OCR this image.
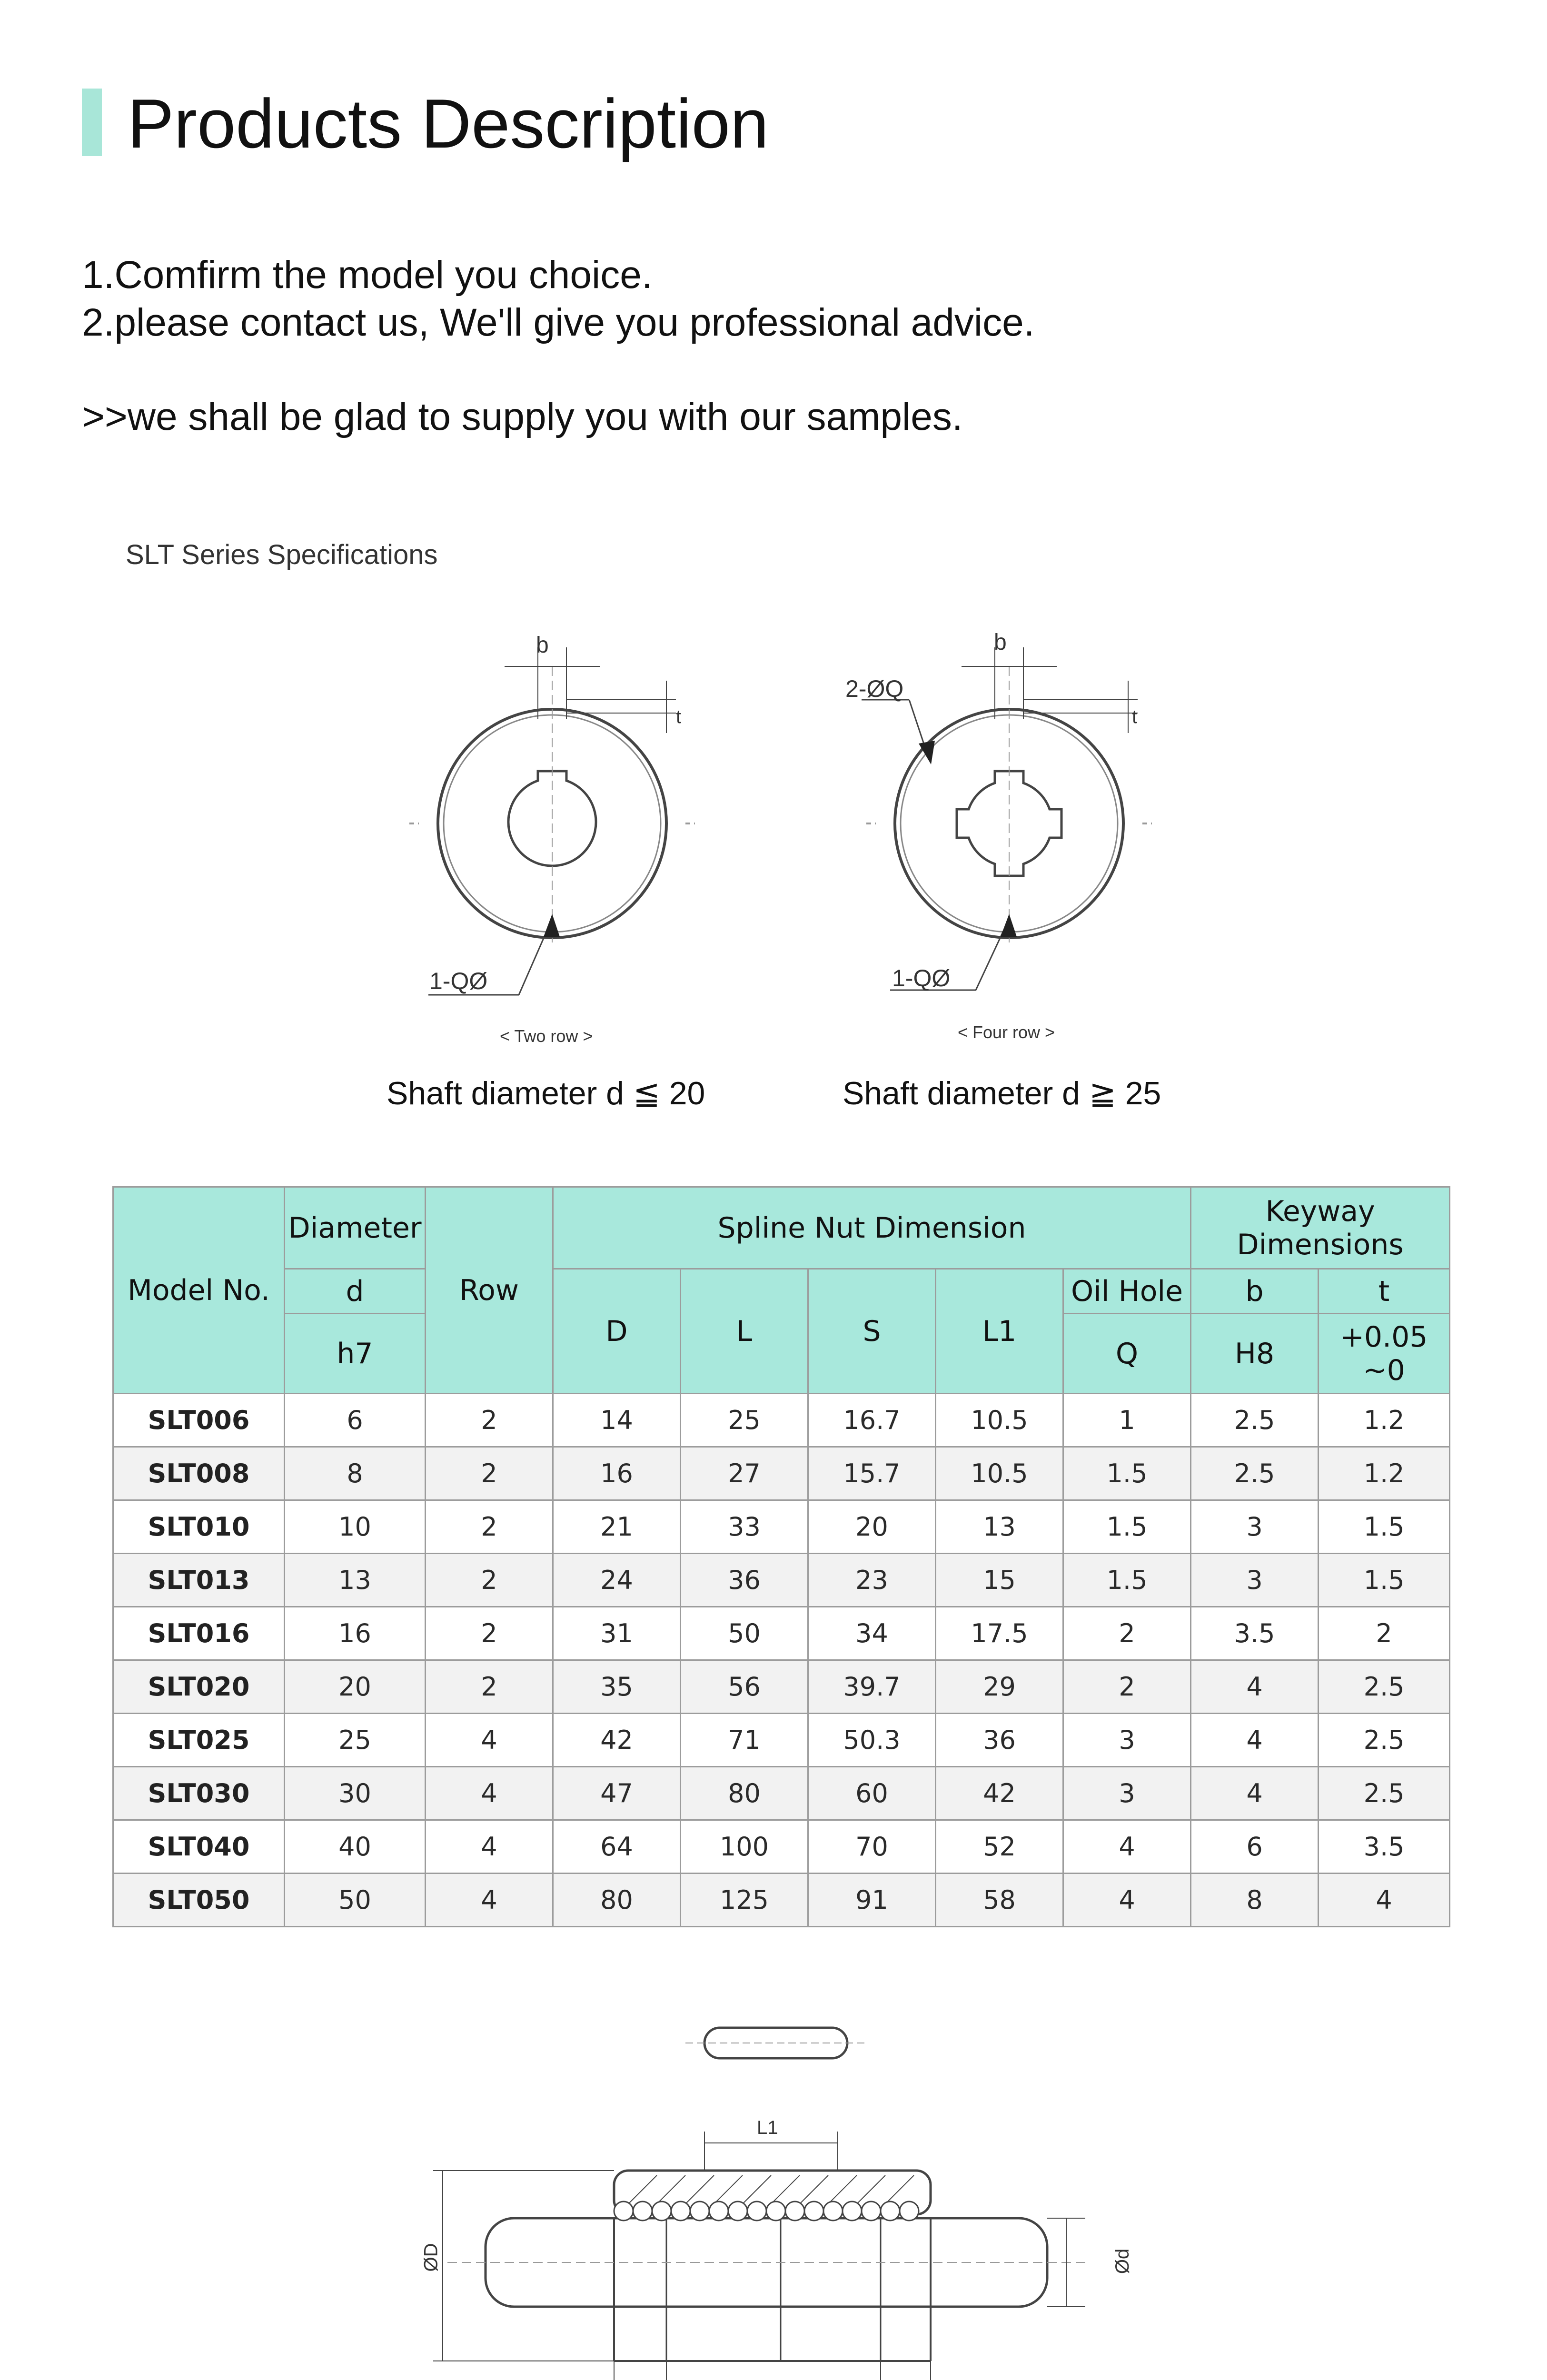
Products Description
1.Comfirm the model you choice.
2.please contact us, We'll give you professional advice.
>>we shall be glad to supply you with our samples.
SLT Series Specifications
b
t
1-QØ
< Two row >
Shaft diameter d ≦ 20
b
t
2-ØQ
1-QØ
< Four row >
Shaft diameter d ≧ 25
Model No.	Diameter	Row	Spline Nut Dimension					Keyway Dimensions	
	d		D	L	S	L1	Oil Hole	b	t
	h7						Q	H8	+0.05
~0

SLT006	6	2	14	25	16.7	10.5	1	2.5	1.2
SLT008	8	2	16	27	15.7	10.5	1.5	2.5	1.2
SLT010	10	2	21	33	20	13	1.5	3	1.5
SLT013	13	2	24	36	23	15	1.5	3	1.5
SLT016	16	2	31	50	34	17.5	2	3.5	2
SLT020	20	2	35	56	39.7	29	2	4	2.5
SLT025	25	4	42	71	50.3	36	3	4	2.5
SLT030	30	4	47	80	60	42	3	4	2.5
SLT040	40	4	64	100	70	52	4	6	3.5
SLT050	50	4	80	125	91	58	4	8	4
L1
ØD	Ød
